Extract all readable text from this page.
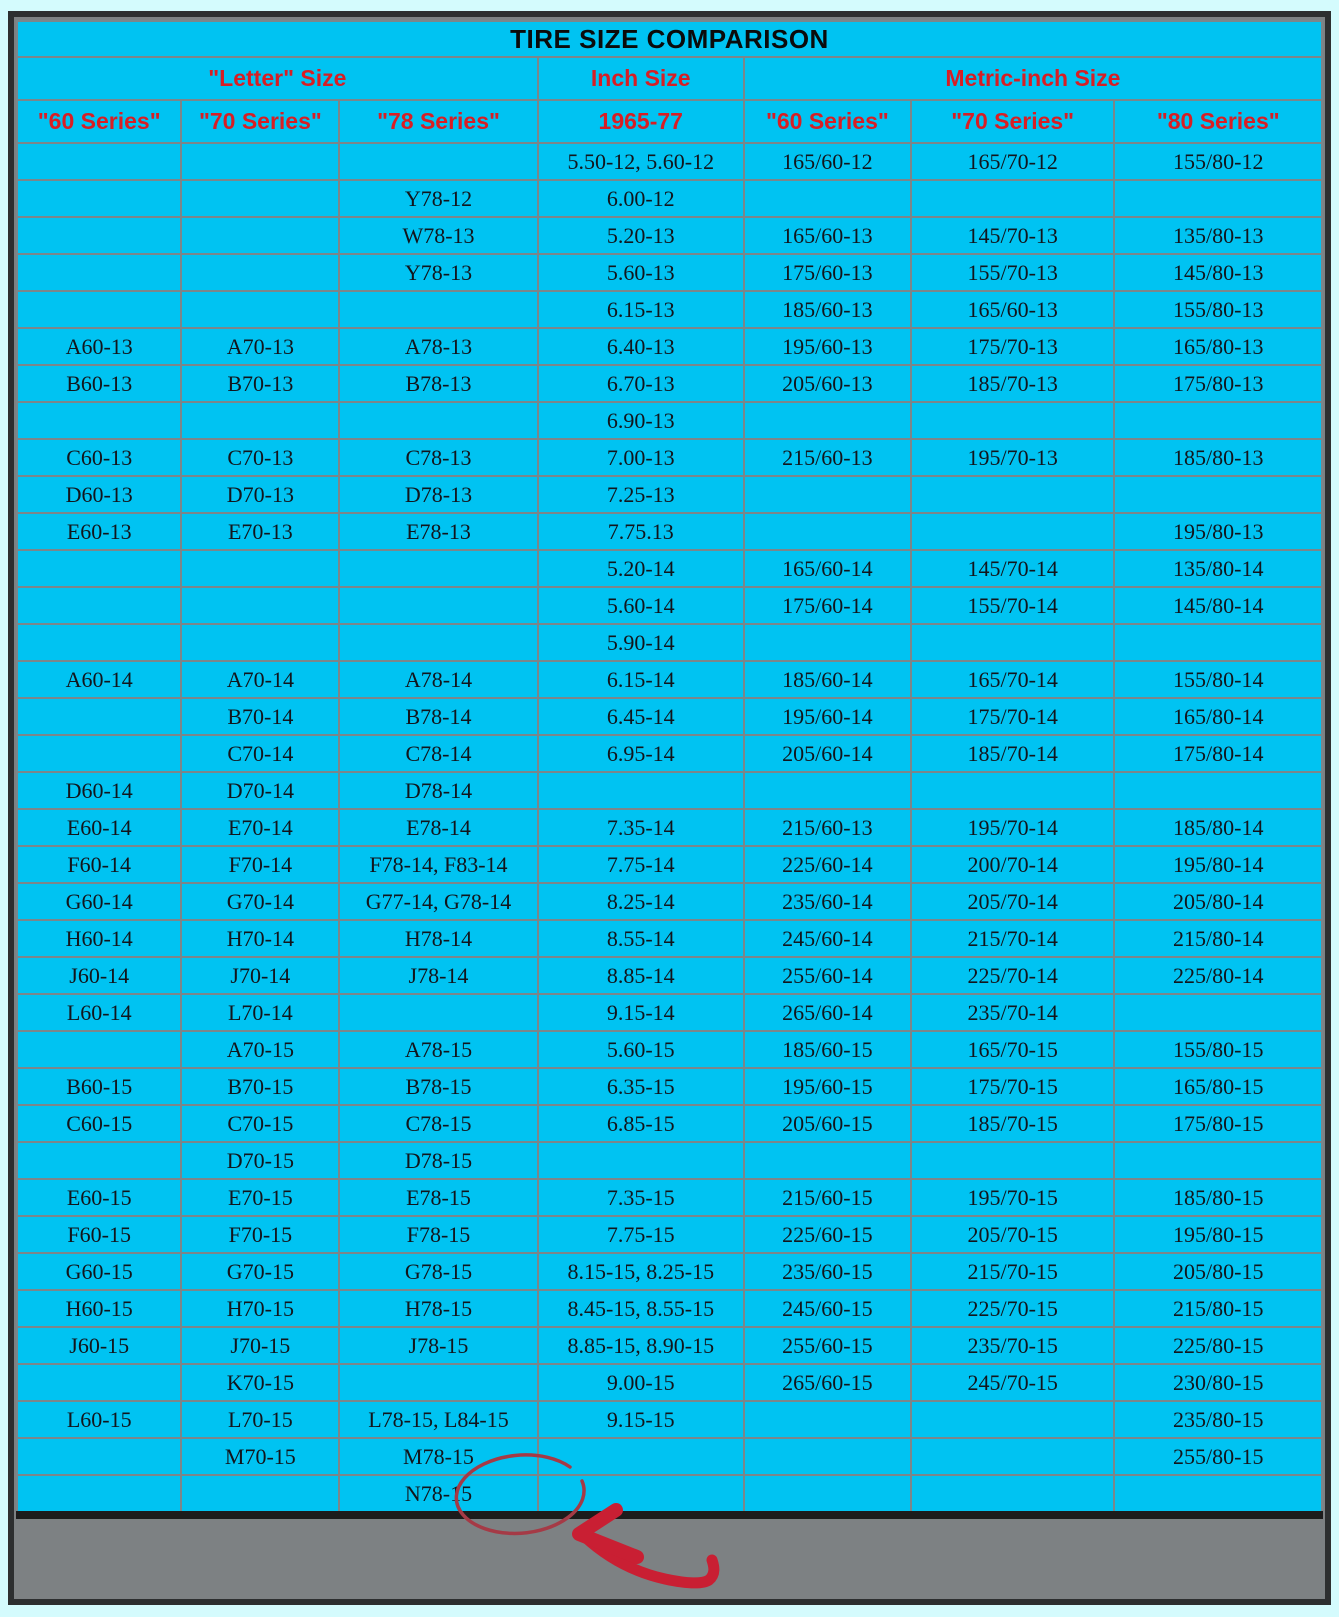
TIRE SIZE COMPARISON						
"Letter" Size			Inch Size	Metric-inch Size		
"60 Series"	"70 Series"	"78 Series"	1965-77	"60 Series"	"70 Series"	"80 Series"
			5.50-12, 5.60-12	165/60-12	165/70-12	155/80-12
		Y78-12	6.00-12			
		W78-13	5.20-13	165/60-13	145/70-13	135/80-13
		Y78-13	5.60-13	175/60-13	155/70-13	145/80-13
			6.15-13	185/60-13	165/60-13	155/80-13
A60-13	A70-13	A78-13	6.40-13	195/60-13	175/70-13	165/80-13
B60-13	B70-13	B78-13	6.70-13	205/60-13	185/70-13	175/80-13
			6.90-13			
C60-13	C70-13	C78-13	7.00-13	215/60-13	195/70-13	185/80-13
D60-13	D70-13	D78-13	7.25-13			
E60-13	E70-13	E78-13	7.75.13			195/80-13
			5.20-14	165/60-14	145/70-14	135/80-14
			5.60-14	175/60-14	155/70-14	145/80-14
			5.90-14			
A60-14	A70-14	A78-14	6.15-14	185/60-14	165/70-14	155/80-14
	B70-14	B78-14	6.45-14	195/60-14	175/70-14	165/80-14
	C70-14	C78-14	6.95-14	205/60-14	185/70-14	175/80-14
D60-14	D70-14	D78-14				
E60-14	E70-14	E78-14	7.35-14	215/60-13	195/70-14	185/80-14
F60-14	F70-14	F78-14, F83-14	7.75-14	225/60-14	200/70-14	195/80-14
G60-14	G70-14	G77-14, G78-14	8.25-14	235/60-14	205/70-14	205/80-14
H60-14	H70-14	H78-14	8.55-14	245/60-14	215/70-14	215/80-14
J60-14	J70-14	J78-14	8.85-14	255/60-14	225/70-14	225/80-14
L60-14	L70-14		9.15-14	265/60-14	235/70-14	
	A70-15	A78-15	5.60-15	185/60-15	165/70-15	155/80-15
B60-15	B70-15	B78-15	6.35-15	195/60-15	175/70-15	165/80-15
C60-15	C70-15	C78-15	6.85-15	205/60-15	185/70-15	175/80-15
	D70-15	D78-15				
E60-15	E70-15	E78-15	7.35-15	215/60-15	195/70-15	185/80-15
F60-15	F70-15	F78-15	7.75-15	225/60-15	205/70-15	195/80-15
G60-15	G70-15	G78-15	8.15-15, 8.25-15	235/60-15	215/70-15	205/80-15
H60-15	H70-15	H78-15	8.45-15, 8.55-15	245/60-15	225/70-15	215/80-15
J60-15	J70-15	J78-15	8.85-15, 8.90-15	255/60-15	235/70-15	225/80-15
	K70-15		9.00-15	265/60-15	245/70-15	230/80-15
L60-15	L70-15	L78-15, L84-15	9.15-15			235/80-15
	M70-15	M78-15				255/80-15
		N78-15				
